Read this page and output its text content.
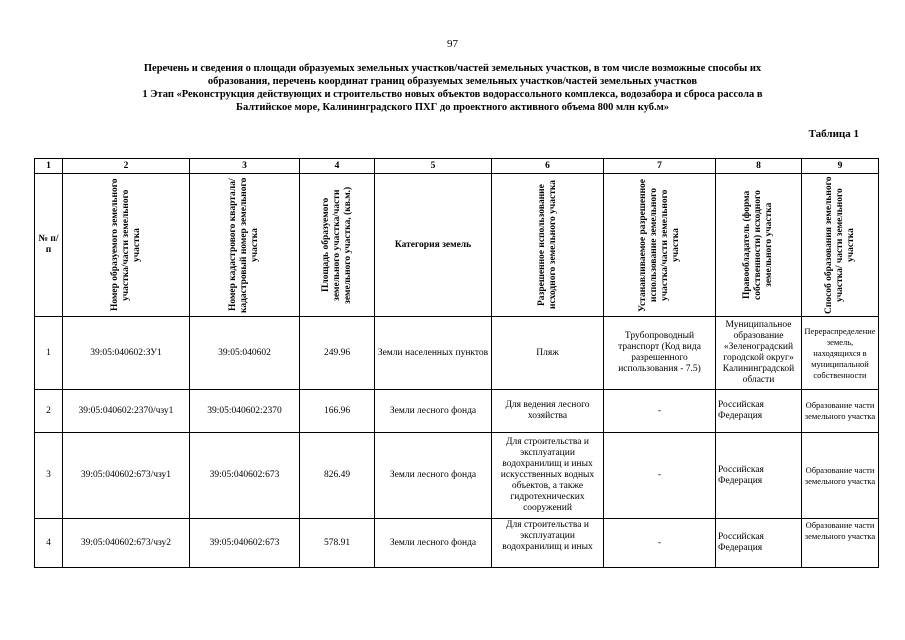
97
Перечень и сведения о площади образуемых земельных участков/частей земельных участков, в том числе возможные способы их
образования, перечень координат границ образуемых земельных участков/частей земельных участков
1 Этап «Реконструкция действующих и строительство новых объектов водорассольного комплекса, водозабора и сброса рассола в
Балтийское море, Калининградского ПХГ до проектного активного объема 800 млн куб.м»
Таблица 1
1	2	3	4	5	6	7	8	9
№ п/п	Номер образуемого земельного участка/части земельного участка	Номер кадастрового квартала/кадастровый номер земельного участка	Площадь образуемого земельного участка/части земельного участка, (кв.м.)	Категория земель	Разрешенное использование исходного земельного участка	Устанавливаемое разрешенное использование земельного участка/части земельного участка	Правообладатель (форма собственности) исходного земельного участка	Способ образования земельного участка/ части земельного участка

1	39:05:040602:ЗУ1	39:05:040602	249.96	Земли населенных пунктов	Пляж	Трубопроводный транспорт (Код вида разрешенного использования - 7.5)	Муниципальное образование «Зеленоградский городской округ» Калининградской области	Перераспределение земель, находящихся в муниципальной собственности
2	39:05:040602:2370/чзу1	39:05:040602:2370	166.96	Земли лесного фонда	Для ведения лесного хозяйства	-	Российская Федерация	Образование части земельного участка
3	39:05:040602:673/чзу1	39:05:040602:673	826.49	Земли лесного фонда	Для строительства и эксплуатации водохранилищ и иных искусственных водных объектов, а также гидротехнических сооружений	-	Российская Федерация	Образование части земельного участка
4	39:05:040602:673/чзу2	39:05:040602:673	578.91	Земли лесного фонда	Для строительства и эксплуатации водохранилищ и иных	-	Российская Федерация	Образование части земельного участка
